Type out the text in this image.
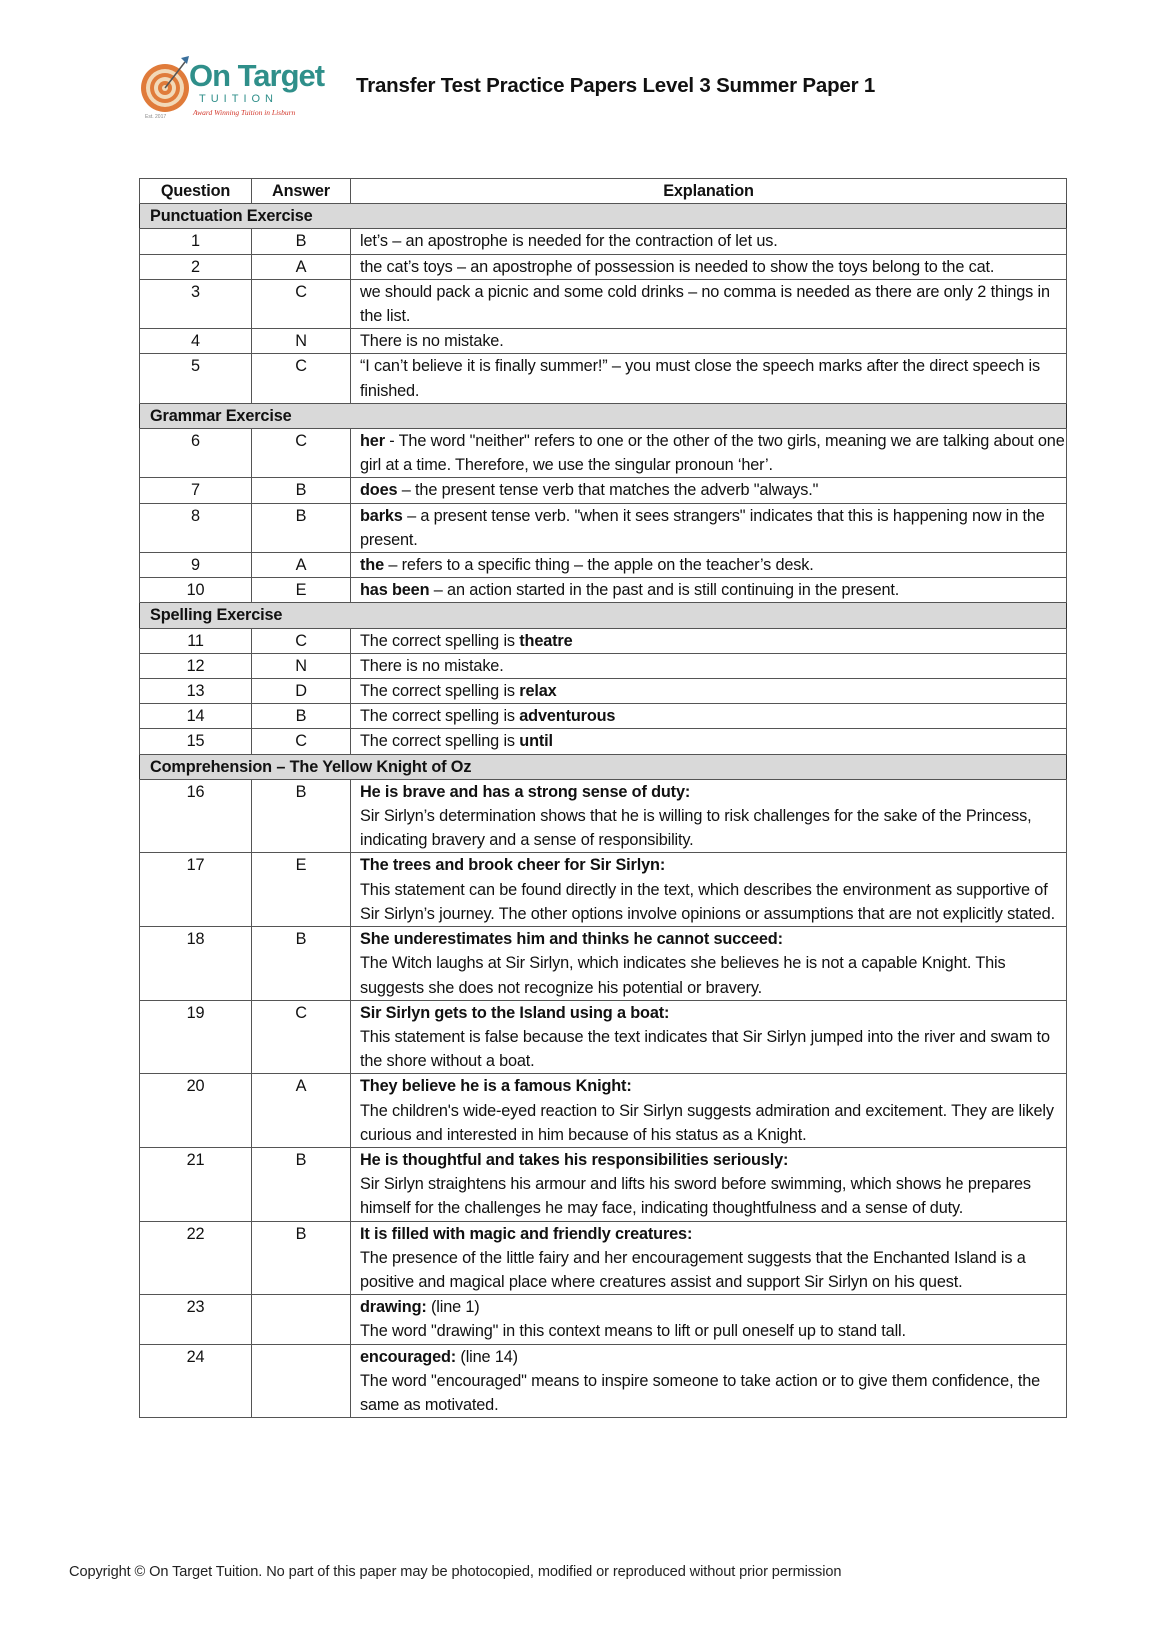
Est. 2017
On Target
TUITION
Award Winning Tuition in Lisburn
Transfer Test Practice Papers Level 3 Summer Paper 1
Question	Answer	Explanation
Punctuation Exercise		
1	B	let’s – an apostrophe is needed for the contraction of let us.
2	A	the cat’s toys – an apostrophe of possession is needed to show the toys belong to the cat.
3	C	we should pack a picnic and some cold drinks – no comma is needed as there are only 2 things in the list.
4	N	There is no mistake.
5	C	“I can’t believe it is finally summer!” – you must close the speech marks after the direct speech is finished.
Grammar Exercise		
6	C	her - The word "neither" refers to one or the other of the two girls, meaning we are talking about one girl at a time. Therefore, we use the singular pronoun ‘her’.
7	B	does – the present tense verb that matches the adverb "always."
8	B	barks – a present tense verb. "when it sees strangers" indicates that this is happening now in the present.
9	A	the – refers to a specific thing – the apple on the teacher’s desk.
10	E	has been – an action started in the past and is still continuing in the present.
Spelling Exercise		
11	C	The correct spelling is theatre
12	N	There is no mistake.
13	D	The correct spelling is relax
14	B	The correct spelling is adventurous
15	C	The correct spelling is until
Comprehension – The Yellow Knight of Oz		
16	B	He is brave and has a strong sense of duty:
Sir Sirlyn’s determination shows that he is willing to risk challenges for the sake of the Princess, indicating bravery and a sense of responsibility.

17	E	The trees and brook cheer for Sir Sirlyn:
This statement can be found directly in the text, which describes the environment as supportive of Sir Sirlyn’s journey. The other options involve opinions or assumptions that are not explicitly stated.

18	B	She underestimates him and thinks he cannot succeed:
The Witch laughs at Sir Sirlyn, which indicates she believes he is not a capable Knight. This suggests she does not recognize his potential or bravery.

19	C	Sir Sirlyn gets to the Island using a boat:
This statement is false because the text indicates that Sir Sirlyn jumped into the river and swam to the shore without a boat.

20	A	They believe he is a famous Knight:
The children's wide-eyed reaction to Sir Sirlyn suggests admiration and excitement. They are likely curious and interested in him because of his status as a Knight.

21	B	He is thoughtful and takes his responsibilities seriously:
Sir Sirlyn straightens his armour and lifts his sword before swimming, which shows he prepares himself for the challenges he may face, indicating thoughtfulness and a sense of duty.

22	B	It is filled with magic and friendly creatures:
The presence of the little fairy and her encouragement suggests that the Enchanted Island is a positive and magical place where creatures assist and support Sir Sirlyn on his quest.

23		drawing: (line 1)
The word "drawing" in this context means to lift or pull oneself up to stand tall.

24		encouraged: (line 14)
The word "encouraged" means to inspire someone to take action or to give them confidence, the same as motivated.
Copyright © On Target Tuition. No part of this paper may be photocopied, modified or reproduced without prior permission
